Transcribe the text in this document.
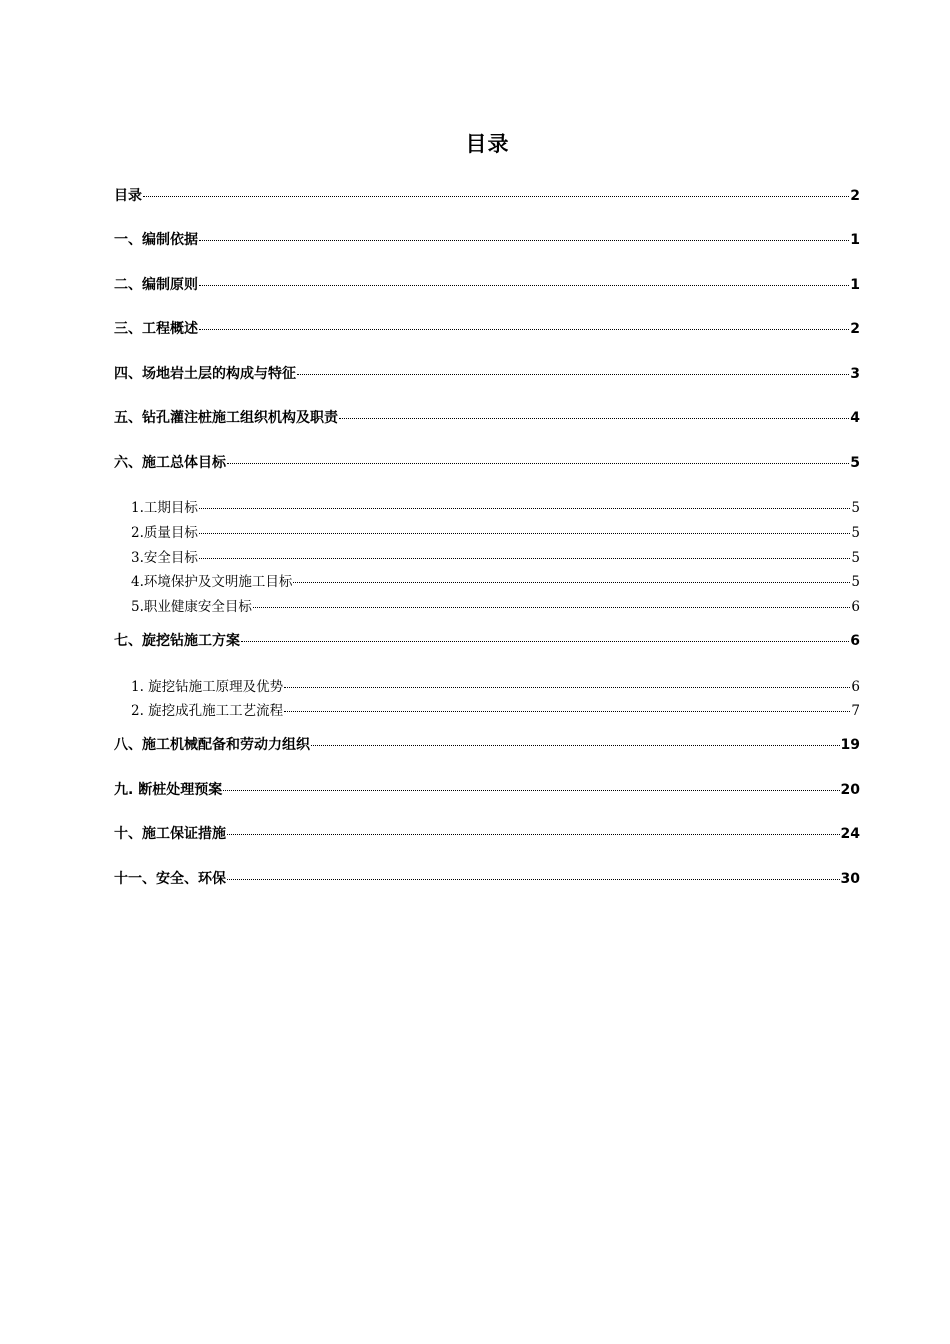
目录
目录	2
一、编制依据	1
二、编制原则	1
三、工程概述	2
四、场地岩土层的构成与特征	3
五、钻孔灌注桩施工组织机构及职责	4
六、施工总体目标	5
1.工期目标	5
2.质量目标	5
3.安全目标	5
4.环境保护及文明施工目标	5
5.职业健康安全目标	6
七、旋挖钻施工方案	6
1. 旋挖钻施工原理及优势	6
2. 旋挖成孔施工工艺流程	7
八、施工机械配备和劳动力组织	19
九. 断桩处理预案	20
十、施工保证措施	24
十一、安全、环保	30
